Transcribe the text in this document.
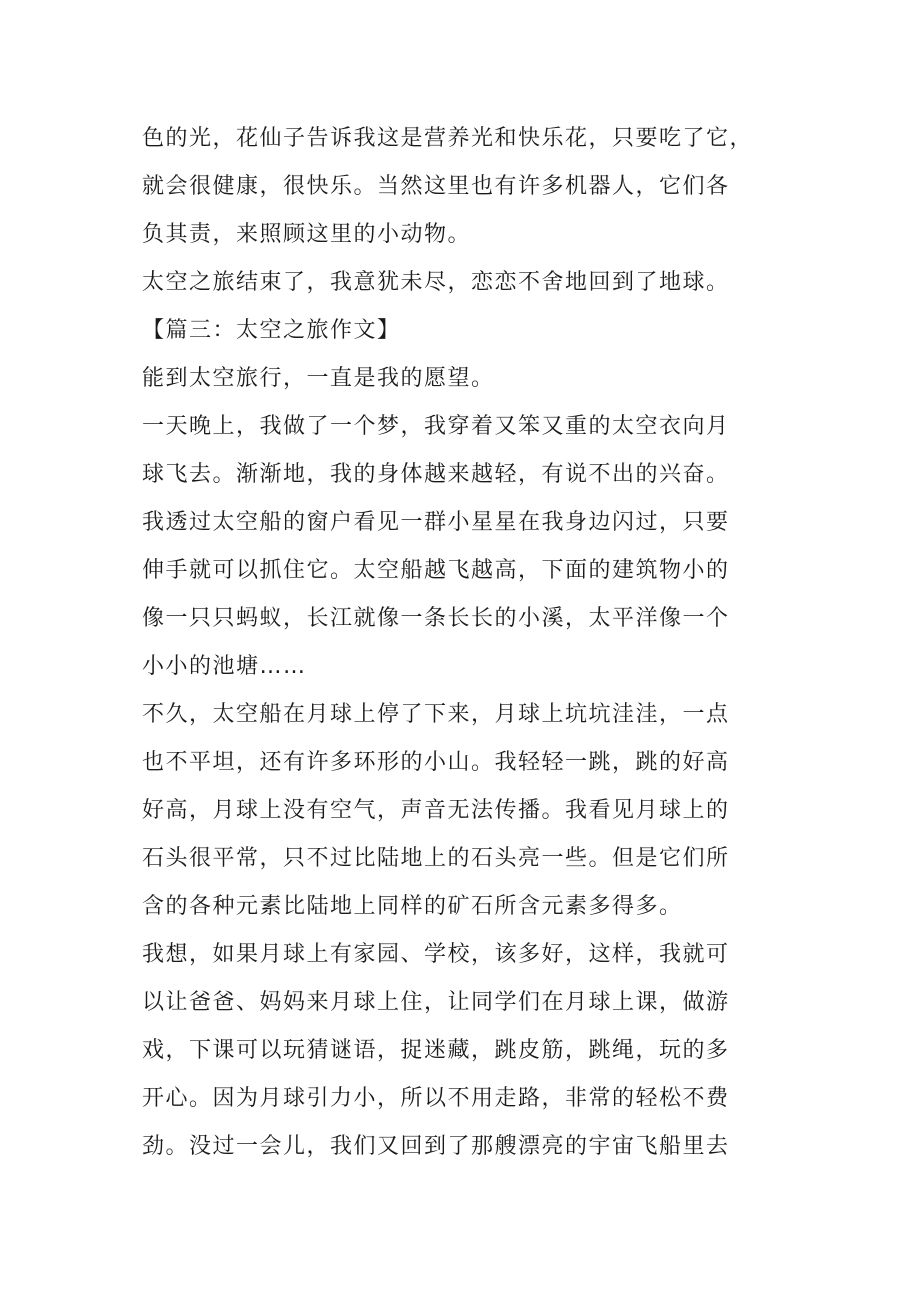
色的光，花仙子告诉我这是营养光和快乐花，只要吃了它，
就会很健康，很快乐。当然这里也有许多机器人，它们各
负其责，来照顾这里的小动物。
太空之旅结束了，我意犹未尽，恋恋不舍地回到了地球。
【篇三：太空之旅作文】
能到太空旅行，一直是我的愿望。
一天晚上，我做了一个梦，我穿着又笨又重的太空衣向月
球飞去。渐渐地，我的身体越来越轻，有说不出的兴奋。
我透过太空船的窗户看见一群小星星在我身边闪过，只要
伸手就可以抓住它。太空船越飞越高，下面的建筑物小的
像一只只蚂蚁，长江就像一条长长的小溪，太平洋像一个
小小的池塘……
不久，太空船在月球上停了下来，月球上坑坑洼洼，一点
也不平坦，还有许多环形的小山。我轻轻一跳，跳的好高
好高，月球上没有空气，声音无法传播。我看见月球上的
石头很平常，只不过比陆地上的石头亮一些。但是它们所
含的各种元素比陆地上同样的矿石所含元素多得多。
我想，如果月球上有家园、学校，该多好，这样，我就可
以让爸爸、妈妈来月球上住，让同学们在月球上课，做游
戏，下课可以玩猜谜语，捉迷藏，跳皮筋，跳绳，玩的多
开心。因为月球引力小，所以不用走路，非常的轻松不费
劲。没过一会儿，我们又回到了那艘漂亮的宇宙飞船里去
